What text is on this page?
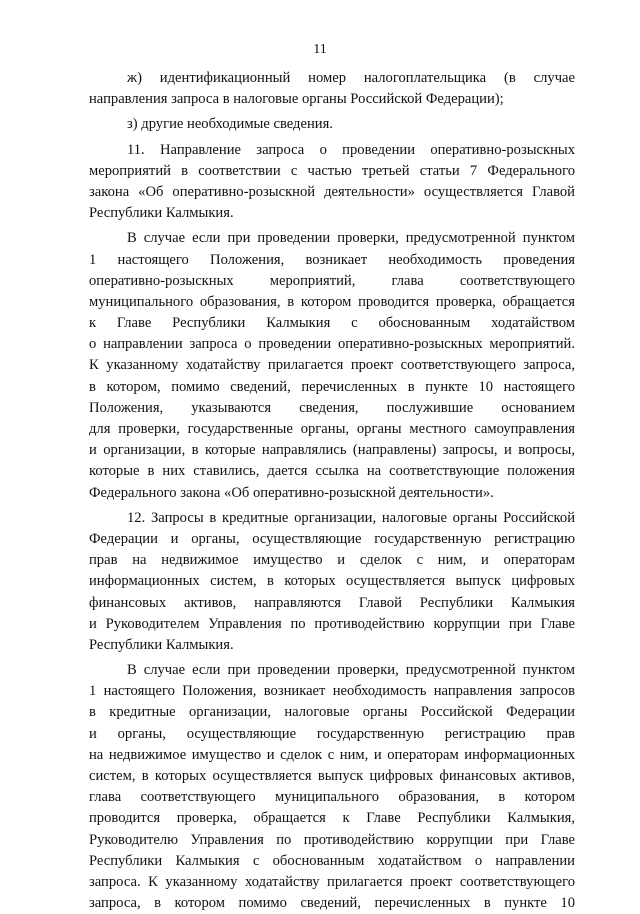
11
ж) идентификационный номер налогоплательщика (в случае
направления запроса в налоговые органы Российской Федерации);
з) другие необходимые сведения.
11. Направление запроса о проведении оперативно-розыскных
мероприятий в соответствии с частью третьей статьи 7 Федерального
закона «Об оперативно-розыскной деятельности» осуществляется Главой
Республики Калмыкия.
В случае если при проведении проверки, предусмотренной пунктом
1 настоящего Положения, возникает необходимость проведения
оперативно-розыскных мероприятий, глава соответствующего
муниципального образования, в котором проводится проверка, обращается
к Главе Республики Калмыкия с обоснованным ходатайством
о направлении запроса о проведении оперативно-розыскных мероприятий.
К указанному ходатайству прилагается проект соответствующего запроса,
в котором, помимо сведений, перечисленных в пункте 10 настоящего
Положения, указываются сведения, послужившие основанием
для проверки, государственные органы, органы местного самоуправления
и организации, в которые направлялись (направлены) запросы, и вопросы,
которые в них ставились, дается ссылка на соответствующие положения
Федерального закона «Об оперативно-розыскной деятельности».
12. Запросы в кредитные организации, налоговые органы Российской
Федерации и органы, осуществляющие государственную регистрацию
прав на недвижимое имущество и сделок с ним, и операторам
информационных систем, в которых осуществляется выпуск цифровых
финансовых активов, направляются Главой Республики Калмыкия
и Руководителем Управления по противодействию коррупции при Главе
Республики Калмыкия.
В случае если при проведении проверки, предусмотренной пунктом
1 настоящего Положения, возникает необходимость направления запросов
в кредитные организации, налоговые органы Российской Федерации
и органы, осуществляющие государственную регистрацию прав
на недвижимое имущество и сделок с ним, и операторам информационных
систем, в которых осуществляется выпуск цифровых финансовых активов,
глава соответствующего муниципального образования, в котором
проводится проверка, обращается к Главе Республики Калмыкия,
Руководителю Управления по противодействию коррупции при Главе
Республики Калмыкия с обоснованным ходатайством о направлении
запроса. К указанному ходатайству прилагается проект соответствующего
запроса, в котором помимо сведений, перечисленных в пункте 10
